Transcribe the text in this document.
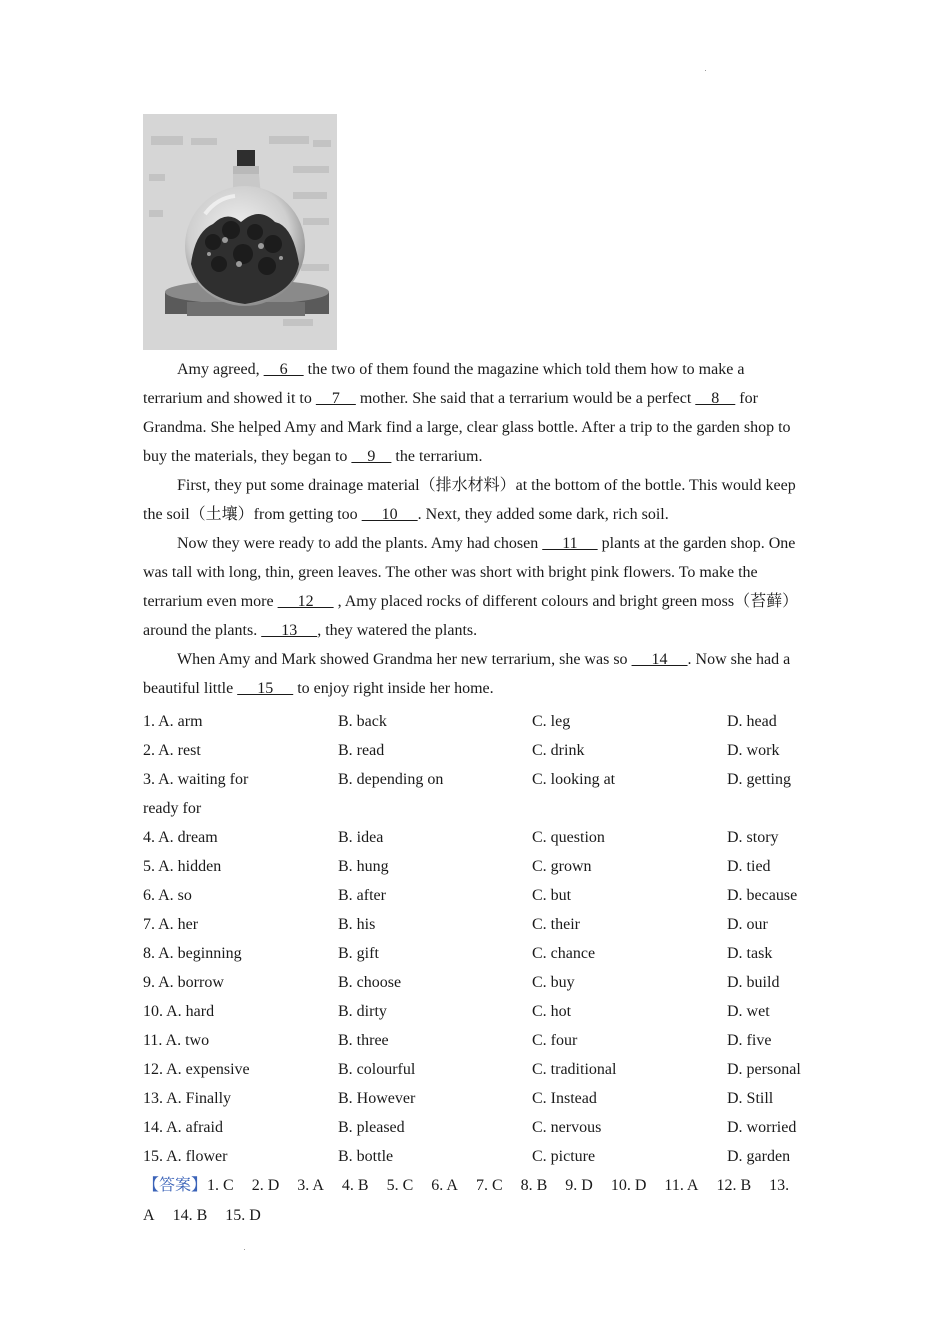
Amy agreed,     6     the two of them found the magazine which told them how to make a terrarium and showed it to     7     mother. She said that a terrarium would be a perfect     8     for Grandma. She helped Amy and Mark find a large, clear glass bottle. After a trip to the garden shop to buy the materials, they began to     9     the terrarium.

First, they put some drainage material（排水材料）at the bottom of the bottle. This would keep the soil（土壤）from getting too      10     . Next, they added some dark, rich soil.

Now they were ready to add the plants. Amy had chosen      11      plants at the garden shop. One was tall with long, thin, green leaves. The other was short with bright pink flowers. To make the terrarium even more      12      , Amy placed rocks of different colours and bright green moss（苔藓）around the plants.      13     , they watered the plants.

When Amy and Mark showed Grandma her new terrarium, she was so      14     . Now she had a beautiful little      15      to enjoy right inside her home.

1. A. arm	B. back	C. leg	D. head
2. A. rest	B. read	C. drink	D. work
3. A. waiting for	B. depending on	C. looking at	D. getting
ready for
4. A. dream	B. idea	C. question	D. story
5. A. hidden	B. hung	C. grown	D. tied
6. A. so	B. after	C. but	D. because
7. A. her	B. his	C. their	D. our
8. A. beginning	B. gift	C. chance	D. task
9. A. borrow	B. choose	C. buy	D. build
10. A. hard	B. dirty	C. hot	D. wet
11. A. two	B. three	C. four	D. five
12. A. expensive	B. colourful	C. traditional	D. personal
13. A. Finally	B. However	C. Instead	D. Still
14. A. afraid	B. pleased	C. nervous	D. worried
15. A. flower	B. bottle	C. picture	D. garden
【答案】1. C 2. D 3. A 4. B 5. C 6. A 7. C 8. B 9. D 10. D 11. A 12. B 13. A 14. B 15. D
